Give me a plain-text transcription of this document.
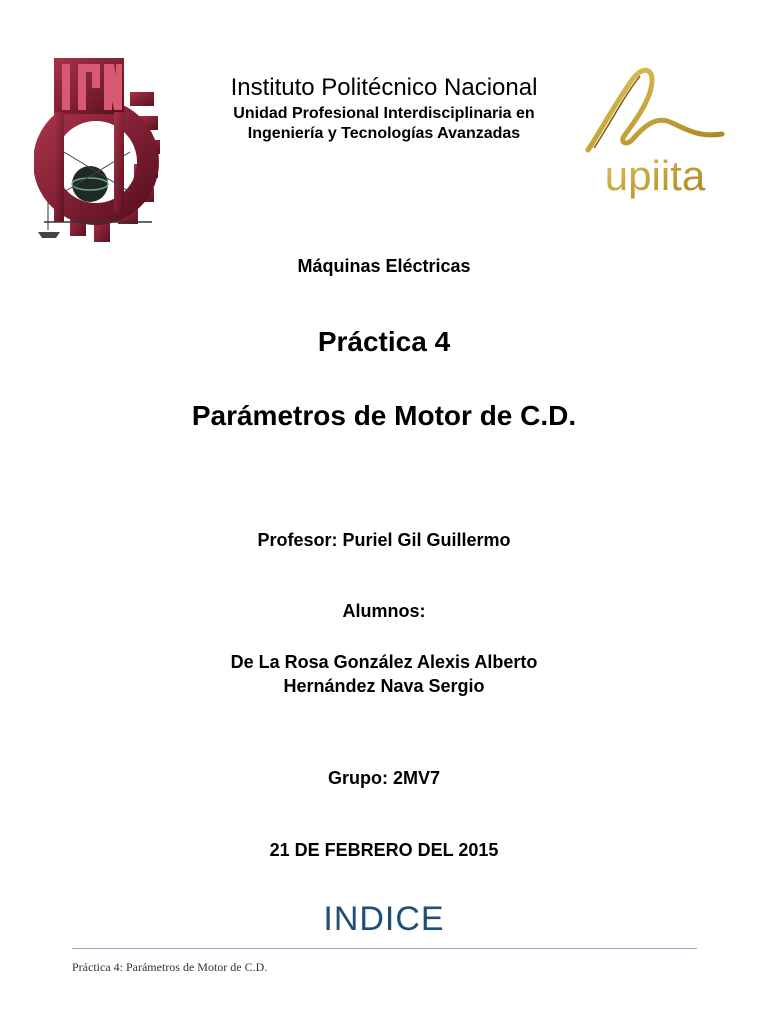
Instituto Politécnico Nacional
Unidad Profesional Interdisciplinaria en
Ingeniería y Tecnologías Avanzadas
upiita
Máquinas Eléctricas
Práctica 4
Parámetros de Motor de C.D.
Profesor: Puriel Gil Guillermo
Alumnos:
De La Rosa González Alexis Alberto
Hernández Nava Sergio
Grupo: 2MV7
21 DE FEBRERO DEL 2015
INDICE
Práctica 4: Parámetros de Motor de C.D.
